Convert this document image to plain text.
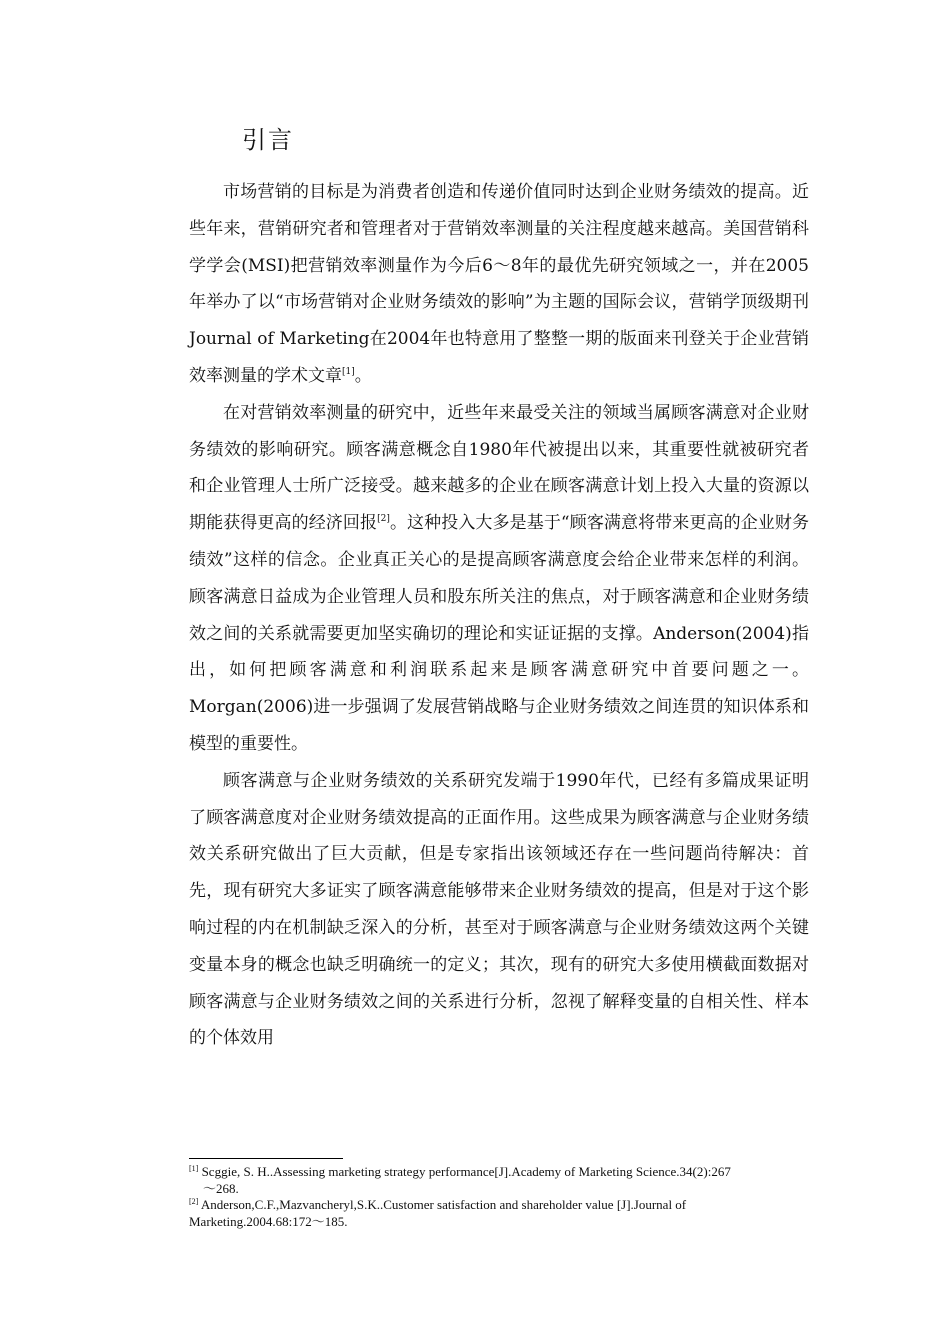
引言

市场营销的目标是为消费者创造和传递价值同时达到企业财务绩效的提高。近些年来，营销研究者和管理者对于营销效率测量的关注程度越来越高。美国营销科学学会(MSI)把营销效率测量作为今后6～8年的最优先研究领域之一，并在2005年举办了以“市场营销对企业财务绩效的影响”为主题的国际会议，营销学顶级期刊Journal of Marketing在2004年也特意用了整整一期的版面来刊登关于企业营销效率测量的学术文章[1]。

在对营销效率测量的研究中，近些年来最受关注的领域当属顾客满意对企业财务绩效的影响研究。顾客满意概念自1980年代被提出以来，其重要性就被研究者和企业管理人士所广泛接受。越来越多的企业在顾客满意计划上投入大量的资源以期能获得更高的经济回报[2]。这种投入大多是基于“顾客满意将带来更高的企业财务绩效”这样的信念。企业真正关心的是提高顾客满意度会给企业带来怎样的利润。顾客满意日益成为企业管理人员和股东所关注的焦点，对于顾客满意和企业财务绩效之间的关系就需要更加坚实确切的理论和实证证据的支撑。Anderson(2004)指出，如何把顾客满意和利润联系起来是顾客满意研究中首要问题之一。Morgan(2006)进一步强调了发展营销战略与企业财务绩效之间连贯的知识体系和模型的重要性。

顾客满意与企业财务绩效的关系研究发端于1990年代，已经有多篇成果证明了顾客满意度对企业财务绩效提高的正面作用。这些成果为顾客满意与企业财务绩效关系研究做出了巨大贡献，但是专家指出该领域还存在一些问题尚待解决：首先，现有研究大多证实了顾客满意能够带来企业财务绩效的提高，但是对于这个影响过程的内在机制缺乏深入的分析，甚至对于顾客满意与企业财务绩效这两个关键变量本身的概念也缺乏明确统一的定义；其次，现有的研究大多使用横截面数据对顾客满意与企业财务绩效之间的关系进行分析，忽视了解释变量的自相关性、样本的个体效用

[1] Scggie, S. H..Assessing marketing strategy performance[J].Academy of Marketing Science.34(2):267

～268.

[2] Anderson,C.F.,Mazvancheryl,S.K..Customer satisfaction and shareholder value [J].Journal of Marketing.2004.68:172～185.
